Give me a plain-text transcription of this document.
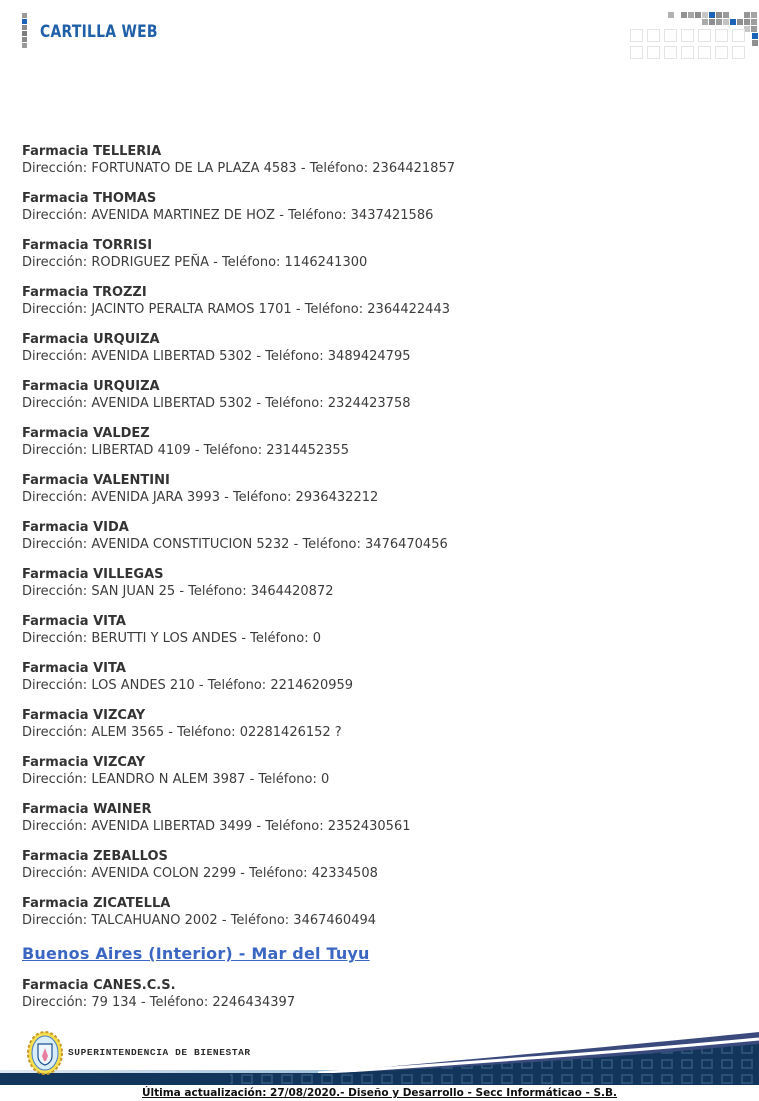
CARTILLA WEB
Farmacia TELLERIA
Dirección: FORTUNATO DE LA PLAZA 4583 - Teléfono: 2364421857
Farmacia THOMAS
Dirección: AVENIDA MARTINEZ DE HOZ - Teléfono: 3437421586
Farmacia TORRISI
Dirección: RODRIGUEZ PEÑA - Teléfono: 1146241300
Farmacia TROZZI
Dirección: JACINTO PERALTA RAMOS 1701 - Teléfono: 2364422443
Farmacia URQUIZA
Dirección: AVENIDA LIBERTAD 5302 - Teléfono: 3489424795
Farmacia URQUIZA
Dirección: AVENIDA LIBERTAD 5302 - Teléfono: 2324423758
Farmacia VALDEZ
Dirección: LIBERTAD 4109 - Teléfono: 2314452355
Farmacia VALENTINI
Dirección: AVENIDA JARA 3993 - Teléfono: 2936432212
Farmacia VIDA
Dirección: AVENIDA CONSTITUCION 5232 - Teléfono: 3476470456
Farmacia VILLEGAS
Dirección: SAN JUAN 25 - Teléfono: 3464420872
Farmacia VITA
Dirección: BERUTTI Y LOS ANDES - Teléfono: 0
Farmacia VITA
Dirección: LOS ANDES 210 - Teléfono: 2214620959
Farmacia VIZCAY
Dirección: ALEM 3565 - Teléfono: 02281426152 ?
Farmacia VIZCAY
Dirección: LEANDRO N ALEM 3987 - Teléfono: 0
Farmacia WAINER
Dirección: AVENIDA LIBERTAD 3499 - Teléfono: 2352430561
Farmacia ZEBALLOS
Dirección: AVENIDA COLON 2299 - Teléfono: 42334508
Farmacia ZICATELLA
Dirección: TALCAHUANO 2002 - Teléfono: 3467460494
Buenos Aires (Interior) - Mar del Tuyu
Farmacia CANES.C.S.
Dirección: 79 134 - Teléfono: 2246434397
SUPERINTENDENCIA DE BIENESTAR
Última actualización: 27/08/2020.- Diseño y Desarrollo - Secc Informáticao - S.B.
